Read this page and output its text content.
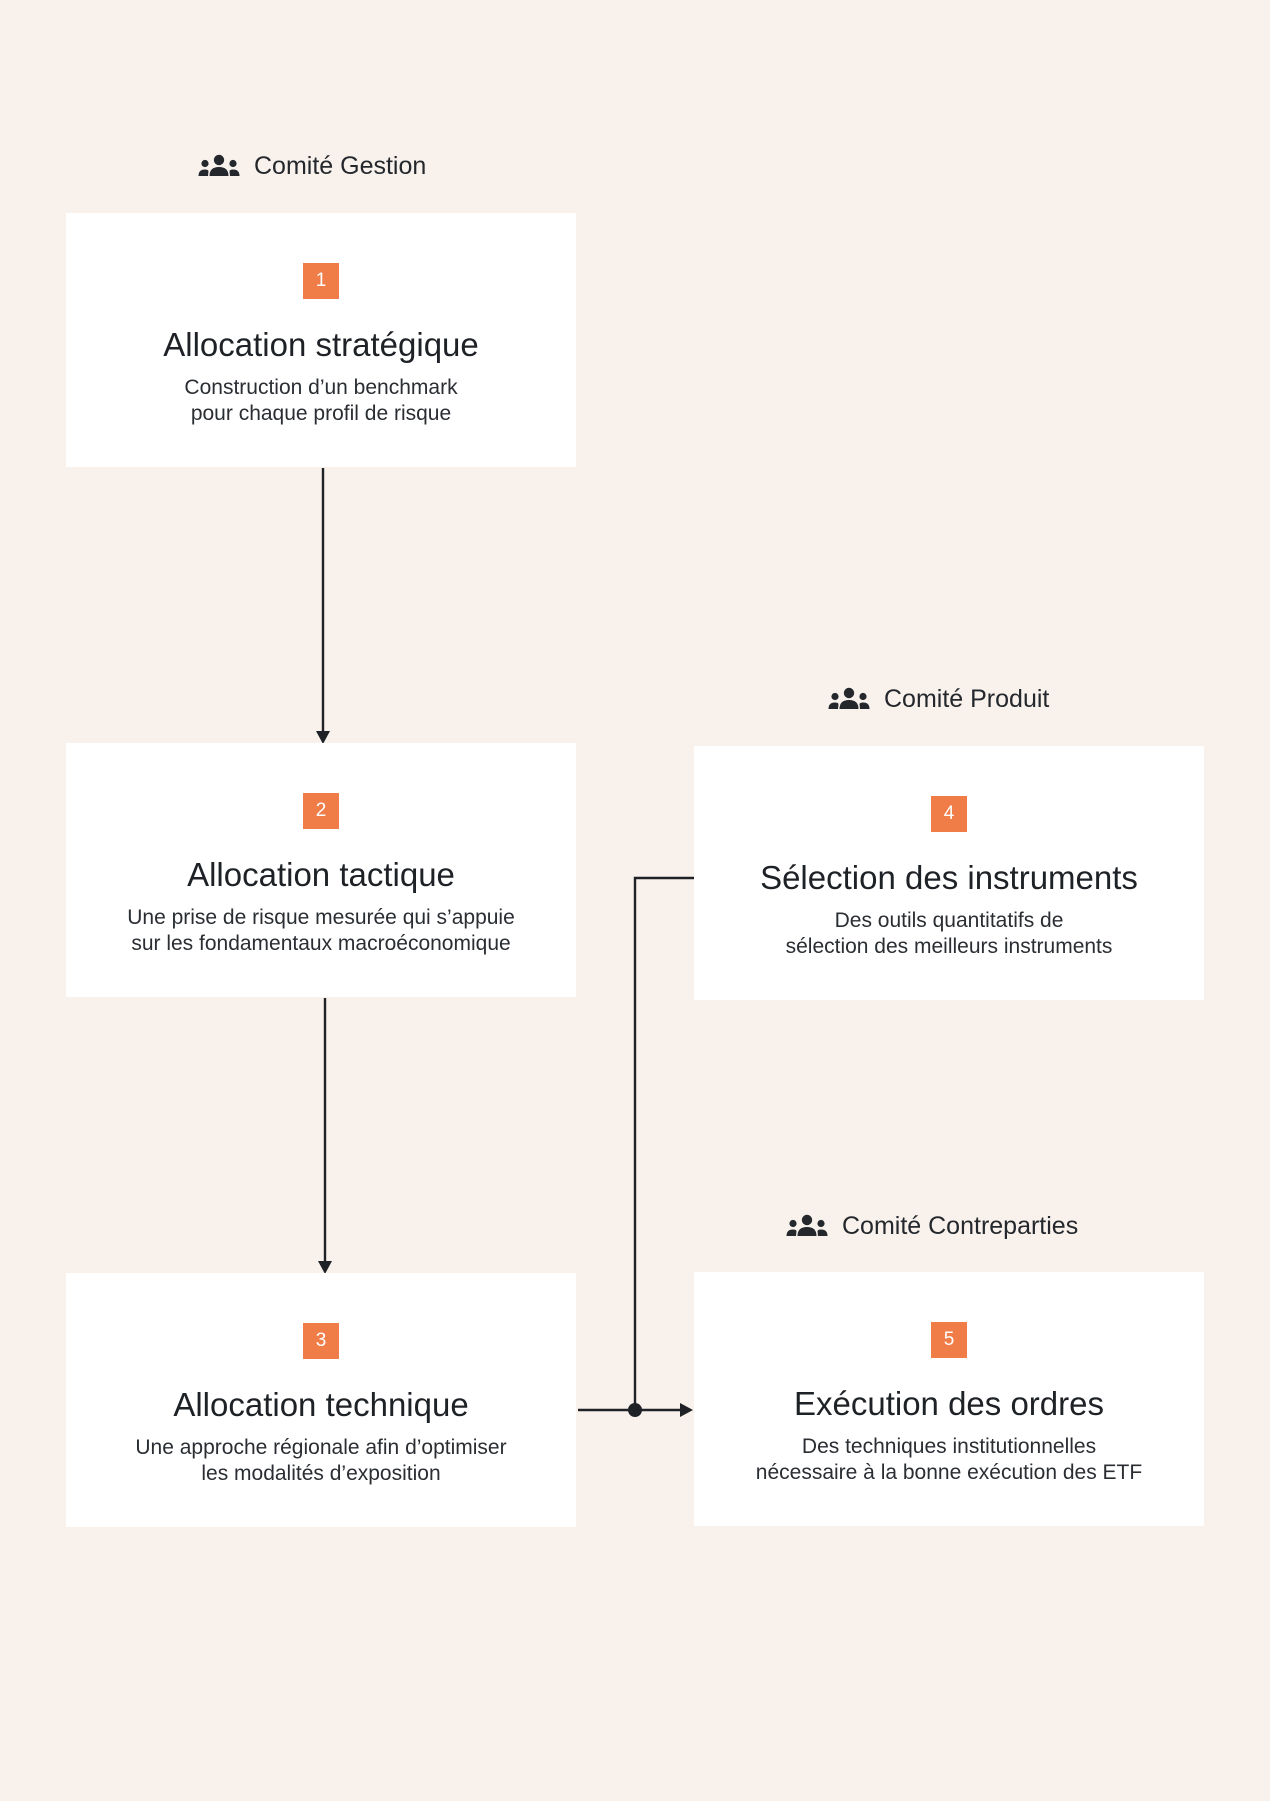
Comité Gestion
Comité Produit
Comité Contreparties
1
Allocation stratégique
Construction d’un benchmark
pour chaque profil de risque
2
Allocation tactique
Une prise de risque mesurée qui s’appuie
sur les fondamentaux macroéconomique
3
Allocation technique
Une approche régionale afin d’optimiser
les modalités d’exposition
4
Sélection des instruments
Des outils quantitatifs de
sélection des meilleurs instruments
5
Exécution des ordres
Des techniques institutionnelles
nécessaire à la bonne exécution des ETF
